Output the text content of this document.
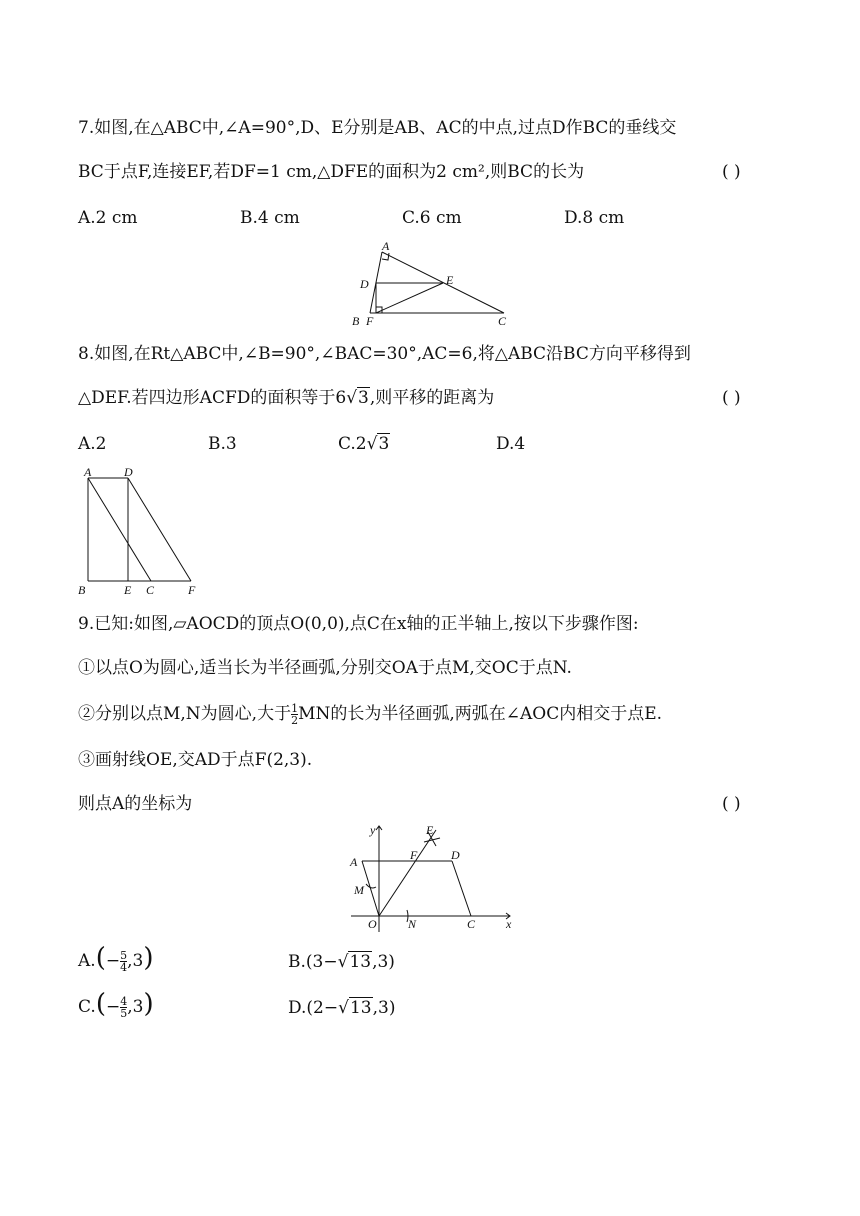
7.如图,在△ABC中,∠A=90°,D、E分别是AB、AC的中点,过点D作BC的垂线交
BC于点F,连接EF,若DF=1 cm,△DFE的面积为2 cm²,则BC的长为	( )
A.2 cm	B.4 cm	C.6 cm	D.8 cm
A
D	E
B F	C
8.如图,在Rt△ABC中,∠B=90°,∠BAC=30°,AC=6,将△ABC沿BC方向平移得到
△DEF.若四边形ACFD的面积等于6√3,则平移的距离为	( )
A.2	B.3	C.2√3	D.4
A	D
B	E C	F
9.已知:如图,▱AOCD的顶点O(0,0),点C在x轴的正半轴上,按以下步骤作图:
①以点O为圆心,适当长为半径画弧,分别交OA于点M,交OC于点N.
②分别以点M,N为圆心,大于 $\frac{1}{2}$ MN的长为半径画弧,两弧在∠AOC内相交于点E.
③画射线OE,交AD于点F(2,3).
则点A的坐标为	( )
y
x
E
F	D
A
M
O	N	C
$A.(- \frac{5}{4} ,3)$	B.(3−√13,3)
$C.(- \frac{4}{5} ,3)$	D.(2−√13,3)
